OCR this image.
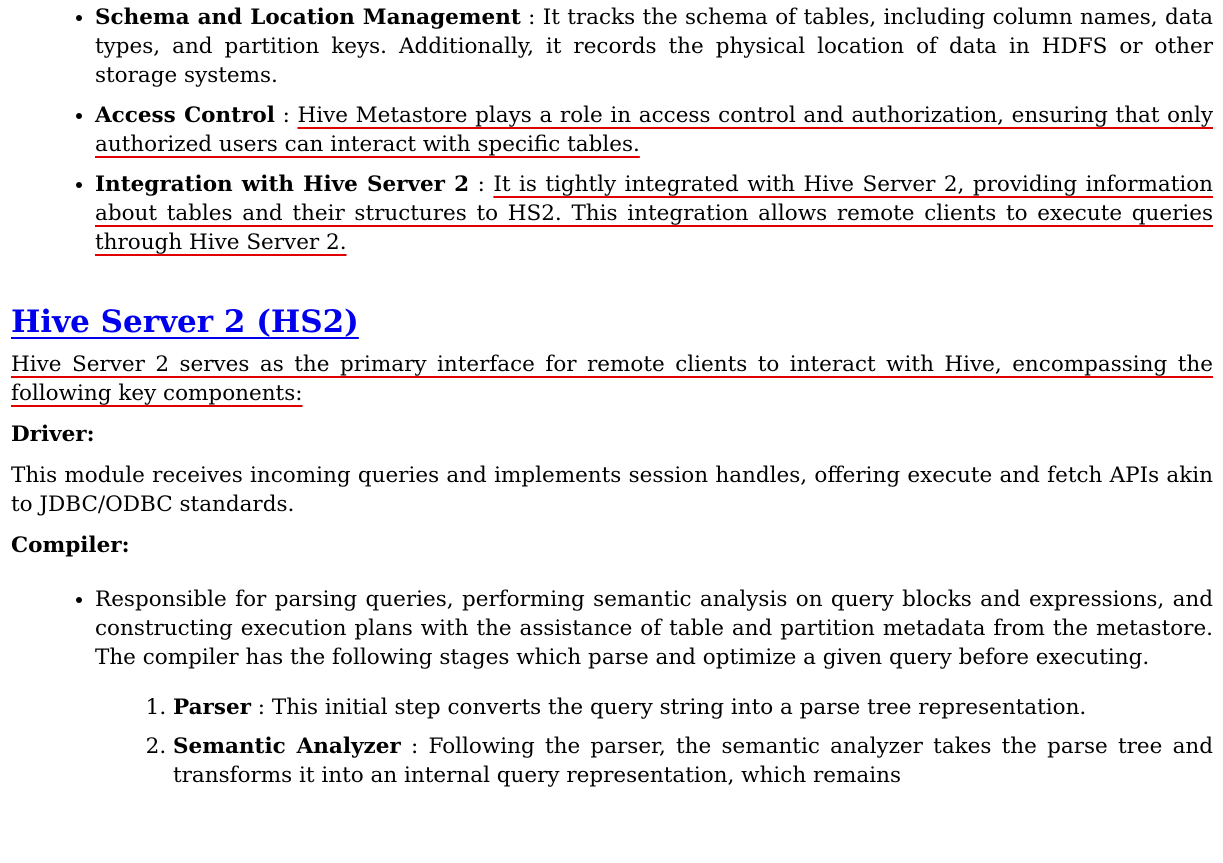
• Schema and Location Management : It tracks the schema of tables, including column names, data types, and partition keys. Additionally, it records the physical location of data in HDFS or other storage systems.
• Access Control : Hive Metastore plays a role in access control and authorization, ensuring that only authorized users can interact with specific tables.
• Integration with Hive Server 2 : It is tightly integrated with Hive Server 2, providing information about tables and their structures to HS2. This integration allows remote clients to execute queries through Hive Server 2.
Hive Server 2 (HS2)

Hive Server 2 serves as the primary interface for remote clients to interact with Hive, encompassing the following key components:

Driver:

This module receives incoming queries and implements session handles, offering execute and fetch APIs akin to JDBC/ODBC standards.

Compiler:

• Responsible for parsing queries, performing semantic analysis on query blocks and expressions, and constructing execution plans with the assistance of table and partition metadata from the metastore. The compiler has the following stages which parse and optimize a given query before executing.
1. Parser : This initial step converts the query string into a parse tree representation.
2. Semantic Analyzer : Following the parser, the semantic analyzer takes the parse tree and transforms it into an internal query representation, which remains
